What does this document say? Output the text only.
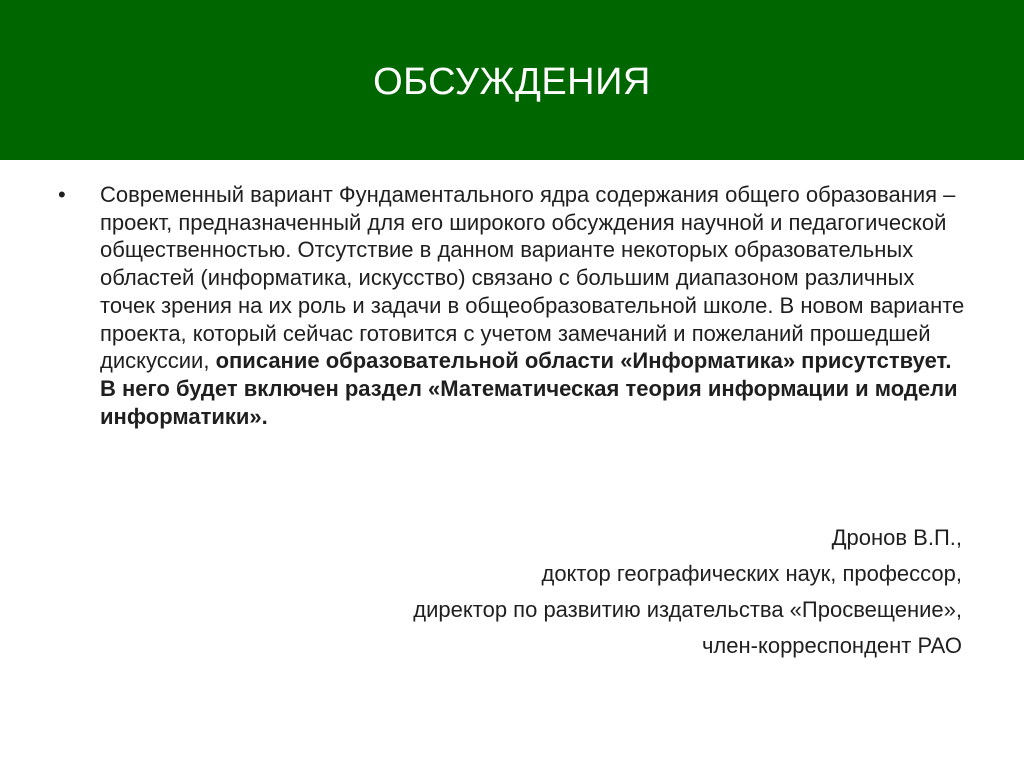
ОБСУЖДЕНИЯ
• Современный вариант Фундаментального ядра содержания общего образования – проект, предназначенный для его широкого обсуждения научной и педагогической общественностью. Отсутствие в данном варианте некоторых образовательных областей (информатика, искусство) связано с большим диапазоном различных точек зрения на их роль и задачи в общеобразовательной школе. В новом варианте проекта, который сейчас готовится с учетом замечаний и пожеланий прошедшей дискуссии, описание образовательной области «Информатика» присутствует. В него будет включен раздел «Математическая теория информации и модели информатики».

Дронов В.П.,
доктор географических наук, профессор,
директор по развитию издательства «Просвещение»,
член-корреспондент РАО
